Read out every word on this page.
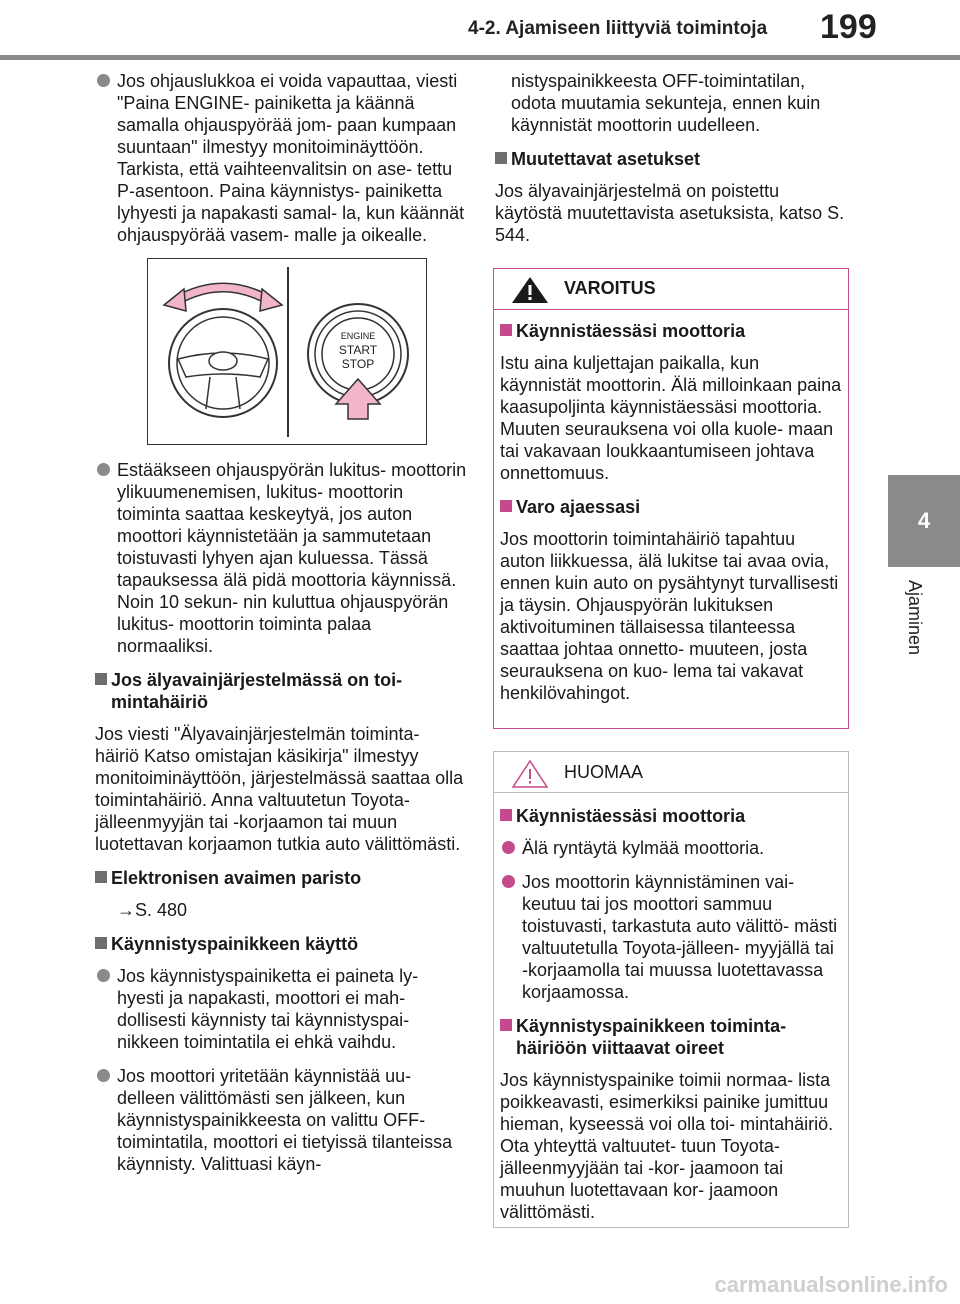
4-2. Ajamiseen liittyviä toimintoja 199
4
Ajaminen
Jos ohjauslukkoa ei voida vapauttaa, viesti "Paina ENGINE- painiketta ja käännä samalla ohjauspyörää jom- paan kumpaan suuntaan" ilmestyy monitoiminäyttöön.
Tarkista, että vaihteenvalitsin on ase- tettu P-asentoon. Paina käynnistys- painiketta lyhyesti ja napakasti samal- la, kun käännät ohjauspyörää vasem- malle ja oikealle.
ENGINE
START
STOP
Estääkseen ohjauspyörän lukitus- moottorin ylikuumenemisen, lukitus- moottorin toiminta saattaa keskeytyä, jos auton moottori käynnistetään ja sammutetaan toistuvasti lyhyen ajan kuluessa. Tässä tapauksessa älä pidä moottoria käynnissä. Noin 10 sekun- nin kuluttua ohjauspyörän lukitus- moottorin toiminta palaa normaaliksi.
Jos älyavainjärjestelmässä on toi- mintahäiriö

Jos viesti "Älyavainjärjestelmän toiminta- häiriö Katso omistajan käsikirja" ilmestyy monitoiminäyttöön, järjestelmässä saattaa olla toimintahäiriö. Anna valtuutetun Toyota-jälleenmyyjän tai -korjaamon tai muun luotettavan korjaamon tutkia auto välittömästi.

Elektronisen avaimen paristo

→S. 480

Käynnistyspainikkeen käyttö
Jos käynnistyspainiketta ei paineta ly- hyesti ja napakasti, moottori ei mah- dollisesti käynnisty tai käynnistyspai- nikkeen toimintatila ei ehkä vaihdu.
Jos moottori yritetään käynnistää uu- delleen välittömästi sen jälkeen, kun käynnistyspainikkeesta on valittu OFF-toimintatila, moottori ei tietyissä tilanteissa käynnisty. Valittuasi käyn-

nistyspainikkeesta OFF-toimintatilan, odota muutamia sekunteja, ennen kuin käynnistät moottorin uudelleen.

Muutettavat asetukset

Jos älyavainjärjestelmä on poistettu käytöstä muutettavista asetuksista, katso S. 544.

VAROITUS
Käynnistäessäsi moottoria

Istu aina kuljettajan paikalla, kun käynnistät moottorin. Älä milloinkaan paina kaasupoljinta käynnistäessäsi moottoria.

Muuten seurauksena voi olla kuole- maan tai vakavaan loukkaantumiseen johtava onnettomuus.

Varo ajaessasi

Jos moottorin toimintahäiriö tapahtuu auton liikkuessa, älä lukitse tai avaa ovia, ennen kuin auto on pysähtynyt turvallisesti ja täysin. Ohjauspyörän lukituksen aktivoituminen tällaisessa tilanteessa saattaa johtaa onnetto- muuteen, josta seurauksena on kuo- lema tai vakavat henkilövahingot.

HUOMAA
Käynnistäessäsi moottoria
Älä ryntäytä kylmää moottoria.
Jos moottorin käynnistäminen vai- keutuu tai jos moottori sammuu toistuvasti, tarkastuta auto välittö- mästi valtuutetulla Toyota-jälleen- myyjällä tai -korjaamolla tai muussa luotettavassa korjaamossa.
Käynnistyspainikkeen toiminta- häiriöön viittaavat oireet

Jos käynnistyspainike toimii normaa- lista poikkeavasti, esimerkiksi painike jumittuu hieman, kyseessä voi olla toi- mintahäiriö. Ota yhteyttä valtuutet- tuun Toyota-jälleenmyyjään tai -kor- jaamoon tai muuhun luotettavaan kor- jaamoon välittömästi.

carmanualsonline.info
